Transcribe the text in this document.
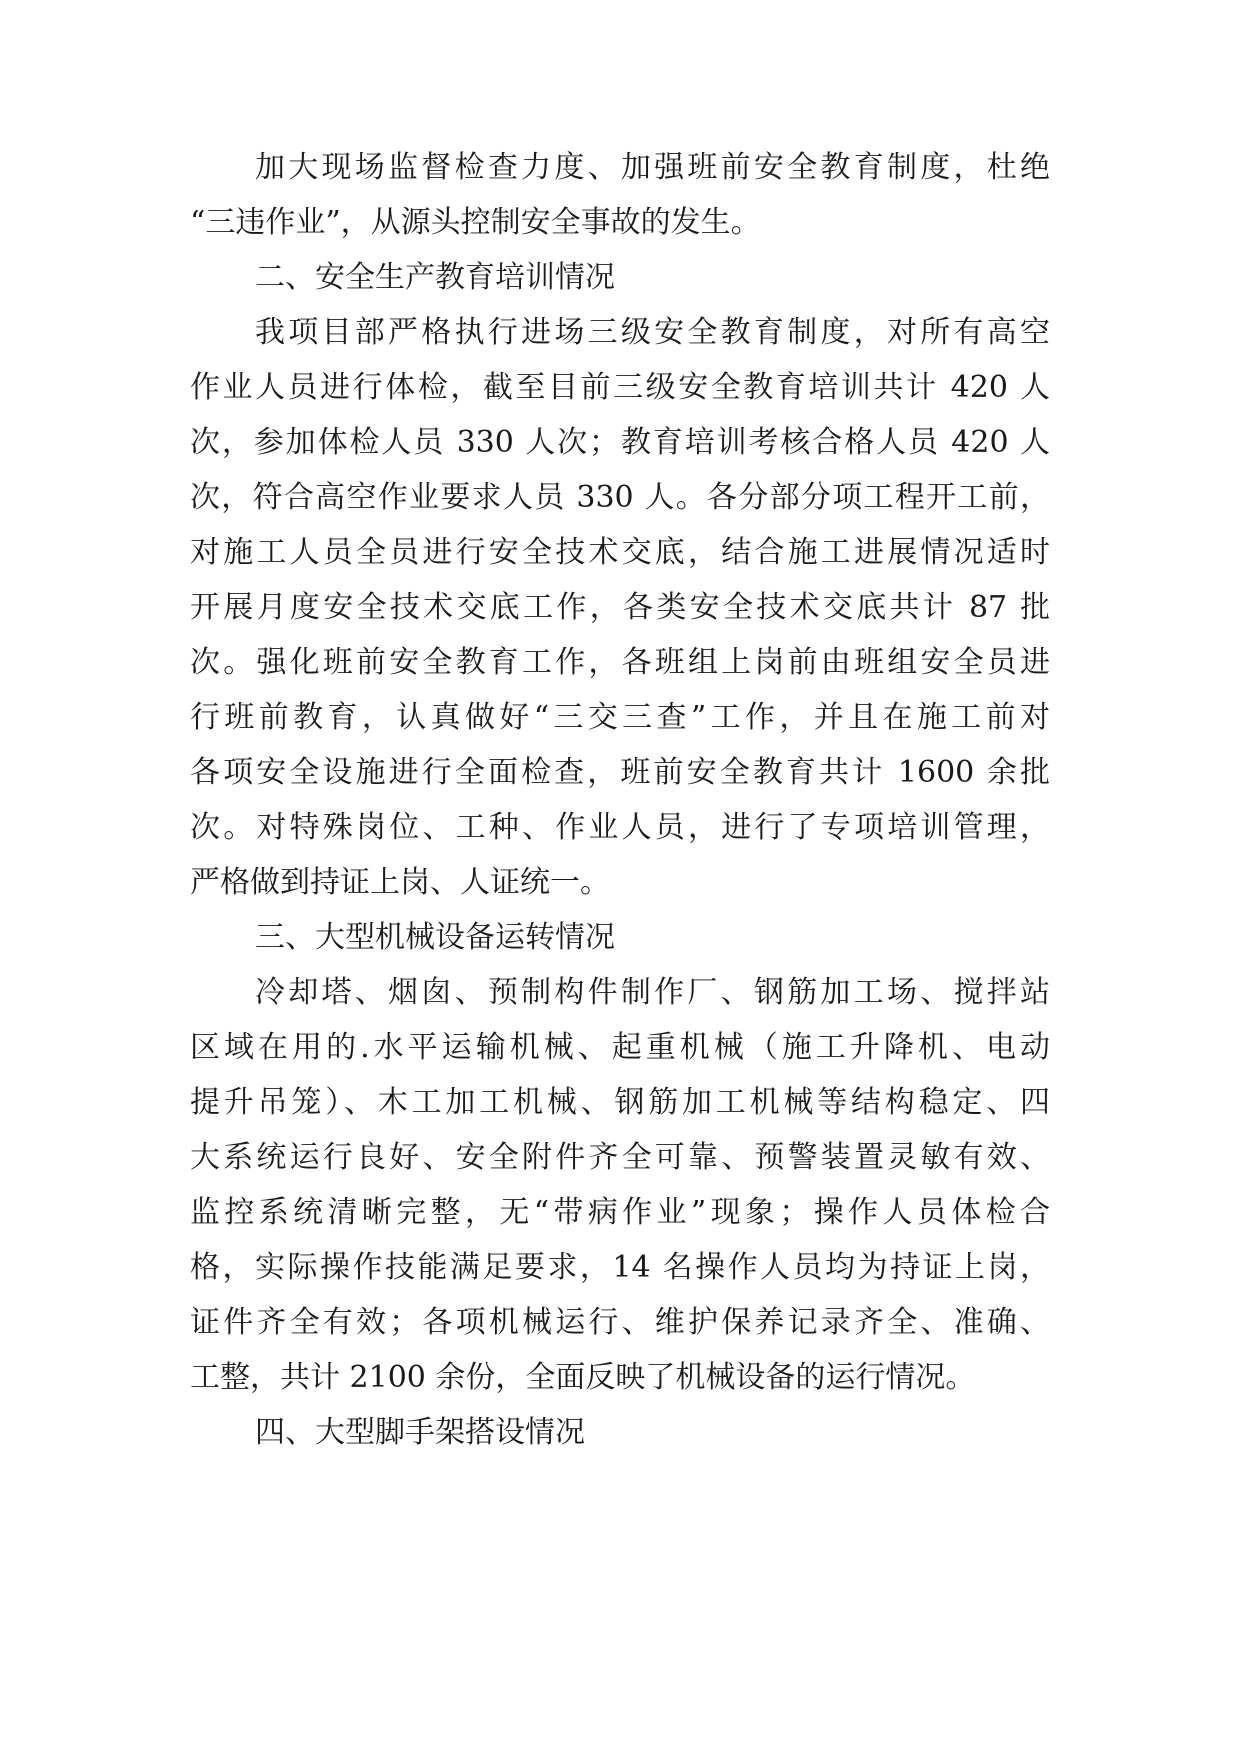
加大现场监督检查力度、加强班前安全教育制度，杜绝
“三违作业”，从源头控制安全事故的发生。
二、安全生产教育培训情况
我项目部严格执行进场三级安全教育制度，对所有高空
作业人员进行体检，截至目前三级安全教育培训共计 420 人
次，参加体检人员 330 人次；教育培训考核合格人员 420 人
次，符合高空作业要求人员 330 人。各分部分项工程开工前，
对施工人员全员进行安全技术交底，结合施工进展情况适时
开展月度安全技术交底工作，各类安全技术交底共计 87 批
次。强化班前安全教育工作，各班组上岗前由班组安全员进
行班前教育，认真做好“三交三查”工作，并且在施工前对
各项安全设施进行全面检查，班前安全教育共计 1600 余批
次。对特殊岗位、工种、作业人员，进行了专项培训管理，
严格做到持证上岗、人证统一。
三、大型机械设备运转情况
冷却塔、烟囱、预制构件制作厂、钢筋加工场、搅拌站
区域在用的.水平运输机械、起重机械（施工升降机、电动
提升吊笼）、木工加工机械、钢筋加工机械等结构稳定、四
大系统运行良好、安全附件齐全可靠、预警装置灵敏有效、
监控系统清晰完整，无“带病作业”现象；操作人员体检合
格，实际操作技能满足要求，14 名操作人员均为持证上岗，
证件齐全有效；各项机械运行、维护保养记录齐全、准确、
工整，共计 2100 余份，全面反映了机械设备的运行情况。
四、大型脚手架搭设情况
